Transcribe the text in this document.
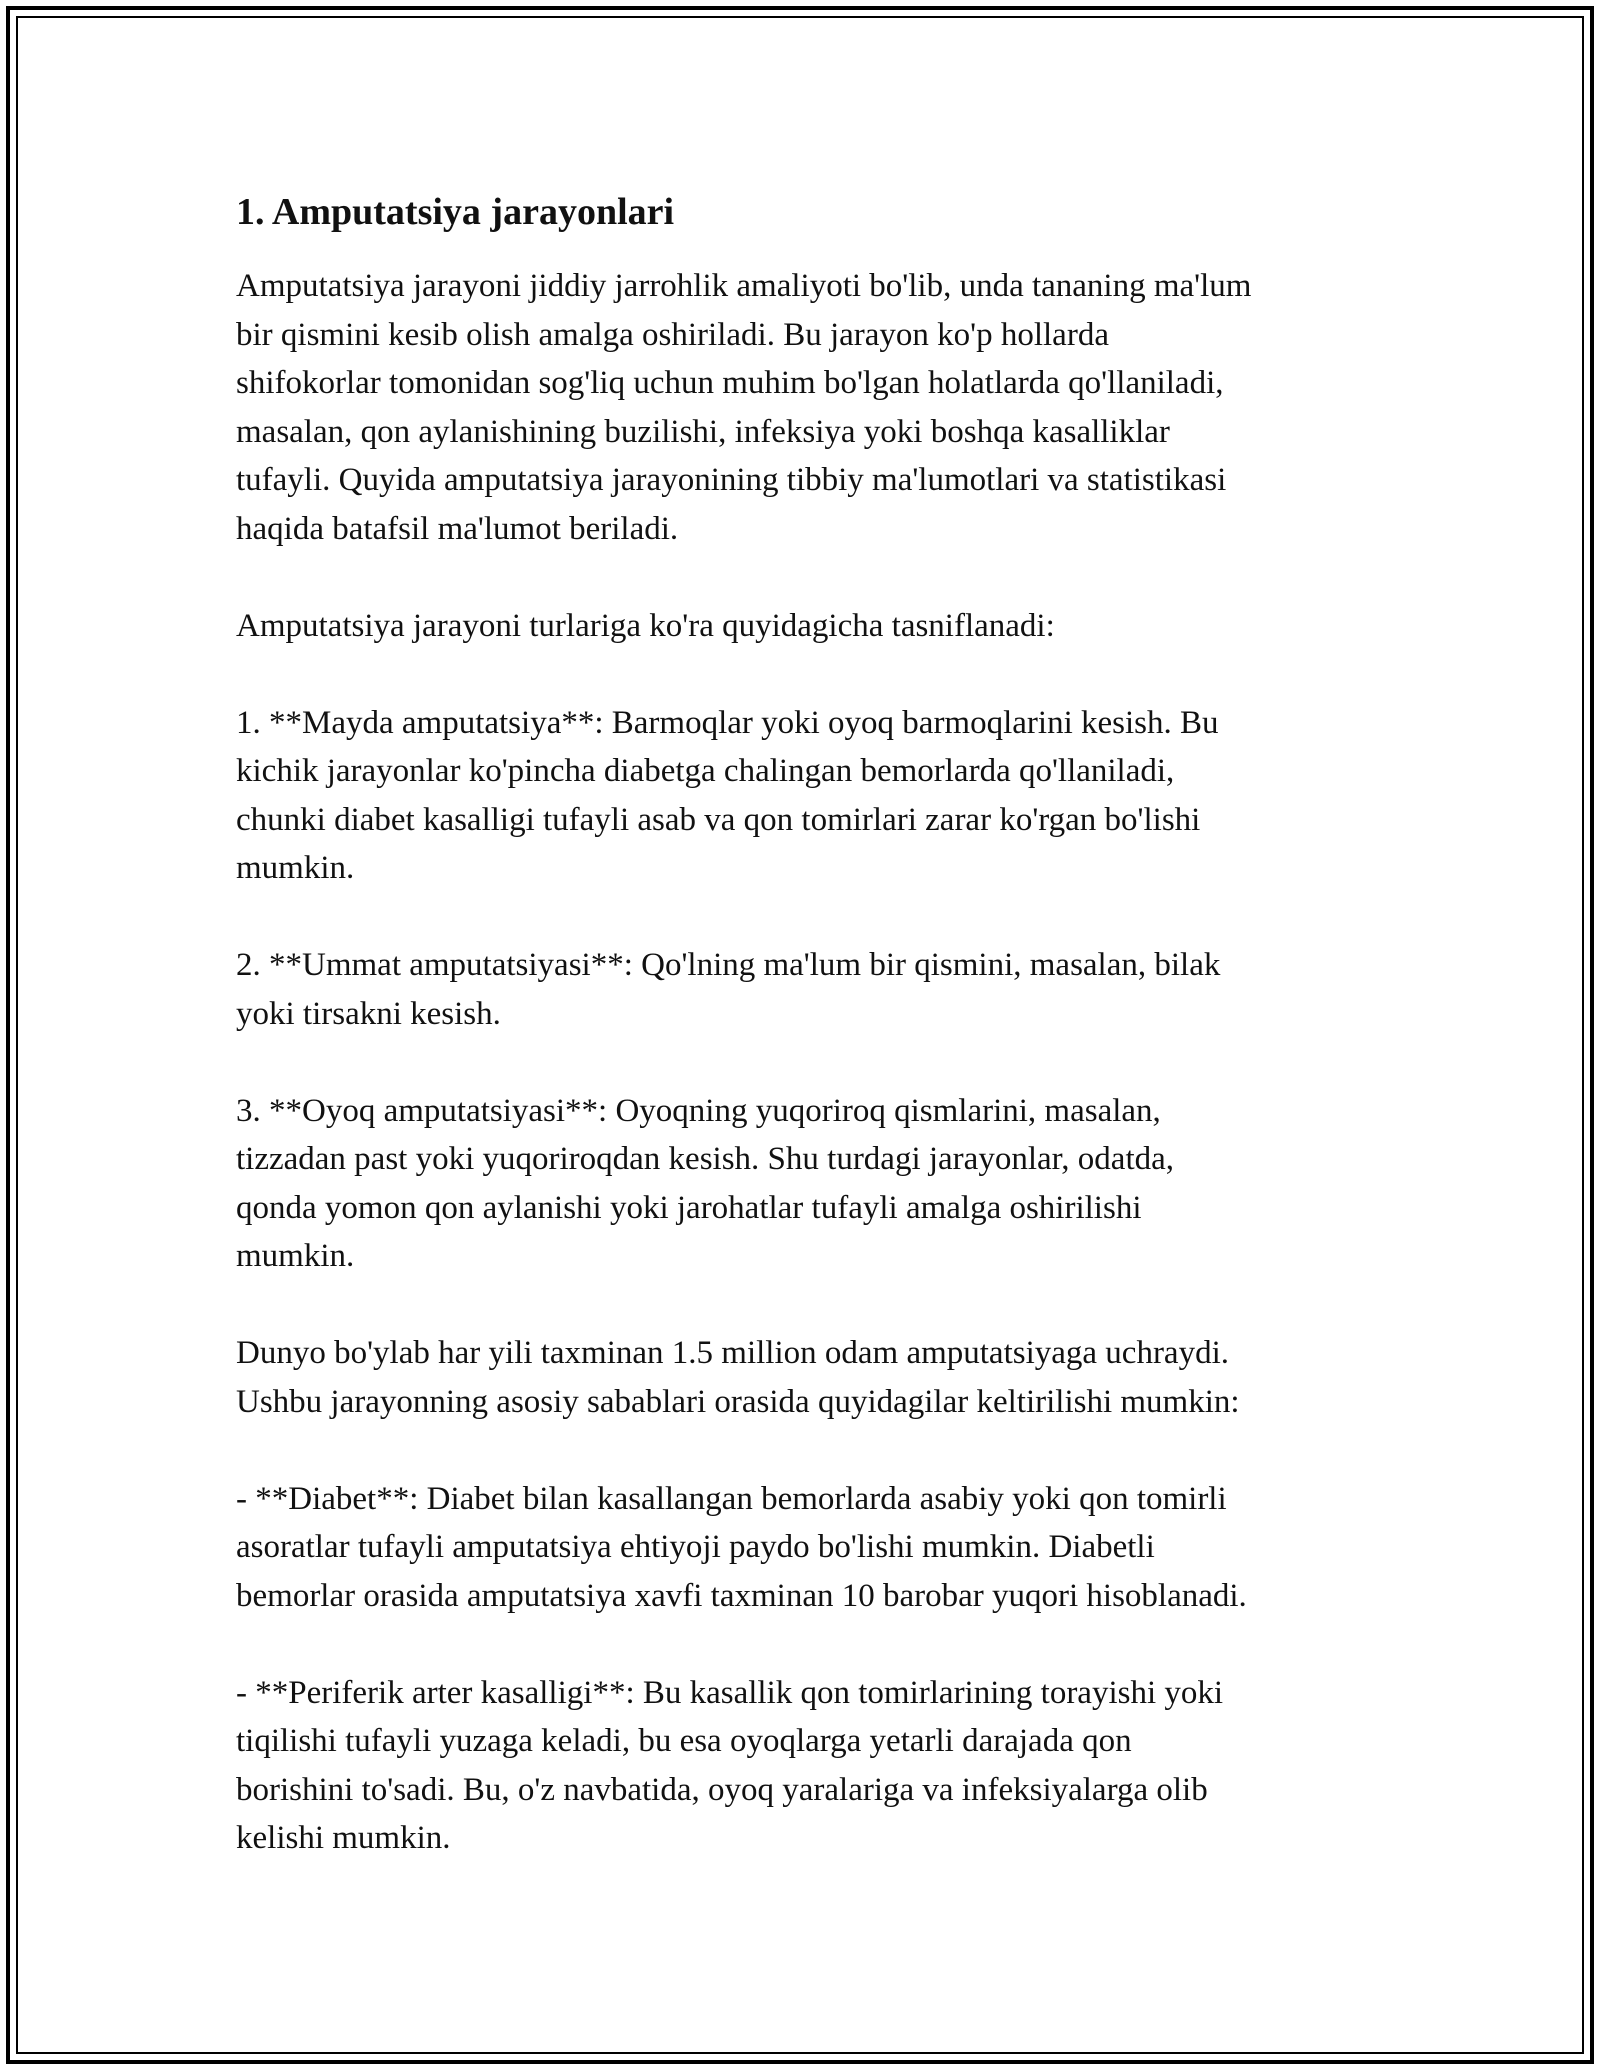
1. Amputatsiya jarayonlari

Amputatsiya jarayoni jiddiy jarrohlik amaliyoti bo'lib, unda tananing ma'lum
bir qismini kesib olish amalga oshiriladi. Bu jarayon ko'p hollarda
shifokorlar tomonidan sog'liq uchun muhim bo'lgan holatlarda qo'llaniladi,
masalan, qon aylanishining buzilishi, infeksiya yoki boshqa kasalliklar
tufayli. Quyida amputatsiya jarayonining tibbiy ma'lumotlari va statistikasi
haqida batafsil ma'lumot beriladi.

Amputatsiya jarayoni turlariga ko'ra quyidagicha tasniflanadi:

1. **Mayda amputatsiya**: Barmoqlar yoki oyoq barmoqlarini kesish. Bu
kichik jarayonlar ko'pincha diabetga chalingan bemorlarda qo'llaniladi,
chunki diabet kasalligi tufayli asab va qon tomirlari zarar ko'rgan bo'lishi
mumkin.

2. **Ummat amputatsiyasi**: Qo'lning ma'lum bir qismini, masalan, bilak
yoki tirsakni kesish.

3. **Oyoq amputatsiyasi**: Oyoqning yuqoriroq qismlarini, masalan,
tizzadan past yoki yuqoriroqdan kesish. Shu turdagi jarayonlar, odatda,
qonda yomon qon aylanishi yoki jarohatlar tufayli amalga oshirilishi
mumkin.

Dunyo bo'ylab har yili taxminan 1.5 million odam amputatsiyaga uchraydi.
Ushbu jarayonning asosiy sabablari orasida quyidagilar keltirilishi mumkin:

- **Diabet**: Diabet bilan kasallangan bemorlarda asabiy yoki qon tomirli
asoratlar tufayli amputatsiya ehtiyoji paydo bo'lishi mumkin. Diabetli
bemorlar orasida amputatsiya xavfi taxminan 10 barobar yuqori hisoblanadi.

- **Periferik arter kasalligi**: Bu kasallik qon tomirlarining torayishi yoki
tiqilishi tufayli yuzaga keladi, bu esa oyoqlarga yetarli darajada qon
borishini to'sadi. Bu, o'z navbatida, oyoq yaralariga va infeksiyalarga olib
kelishi mumkin.
